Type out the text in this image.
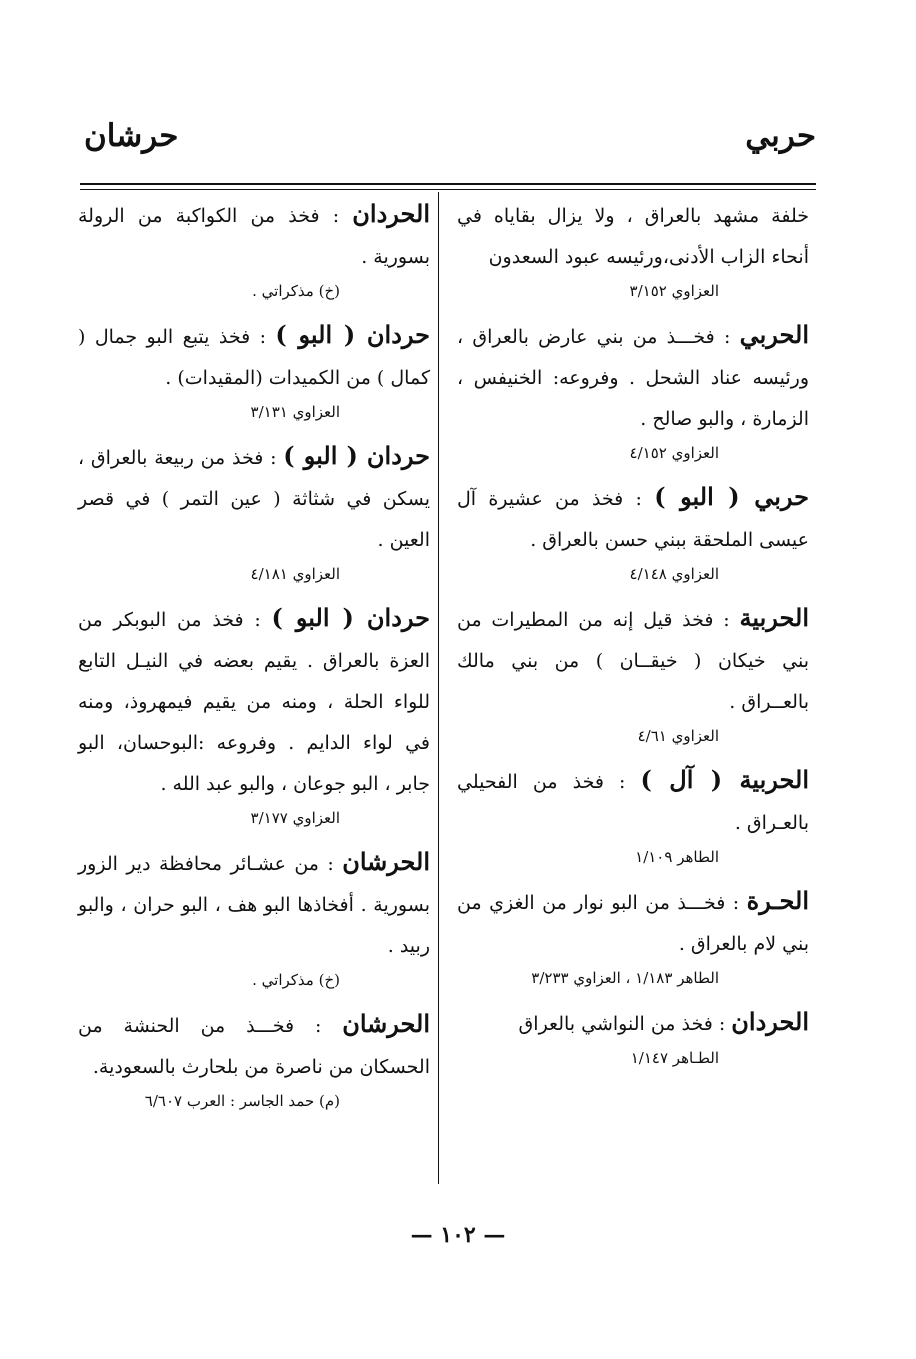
حربي
حرشان

خلفة مشهد بالعراق ، ولا يزال بقاياه في أنحاء الزاب الأدنى،ورئيسه عبود السعدون

العزاوي ٣/١٥٢

الحربي : فخـــذ من بني عارض بالعراق ، ورئيسه عناد الشحل . وفروعه: الخنيفس ، الزمارة ، والبو صالح .

العزاوي ٤/١٥٢

حربي ( البو ) : فخذ من عشيرة آل عيسى الملحقة ببني حسن بالعراق .

العزاوي ٤/١٤٨

الحربية : فخذ قيل إنه من المطيرات من بني خيكان ( خيقــان ) من بني مالك بالعــراق .

العزاوي ٤/٦١

الحربية ( آل ) : فخذ من الفحيلي بالعـراق .

الطاهر ١/١٠٩

الحـرة : فخـــذ من البو نوار من الغزي من بني لام بالعراق .

الطاهر ١/١٨٣ ، العزاوي ٣/٢٣٣

الحردان : فخذ من النواشي بالعراق

الطـاهر ١/١٤٧

الحردان : فخذ من الكواكبة من الرولة بسورية .

(خ) مذكراتي .

حردان ( البو ) : فخذ يتبع البو جمال ( كمال ) من الكميدات (المقيدات) .

العزاوي ٣/١٣١

حردان ( البو ) : فخذ من ربيعة بالعراق ، يسكن في شثاثة ( عين التمر ) في قصر العين .

العزاوي ٤/١٨١

حردان ( البو ) : فخذ من البوبكر من العزة بالعراق . يقيم بعضه في النيـل التابع للواء الحلة ، ومنه من يقيم فيمهروذ، ومنه في لواء الدايم . وفروعه :البوحسان، البو جابر ، البو جوعان ، والبو عبد الله .

العزاوي ٣/١٧٧

الحرشان : من عشـائر محافظة دير الزور بسورية . أفخاذها البو هف ، البو حران ، والبو ربيد .

(خ) مذكراتي .

الحرشان : فخـــذ من الحنشة من الحسكان من ناصرة من بلحارث بالسعودية.

(م) حمد الجاسر : العرب ٦/٦٠٧

— ١٠٢ —
